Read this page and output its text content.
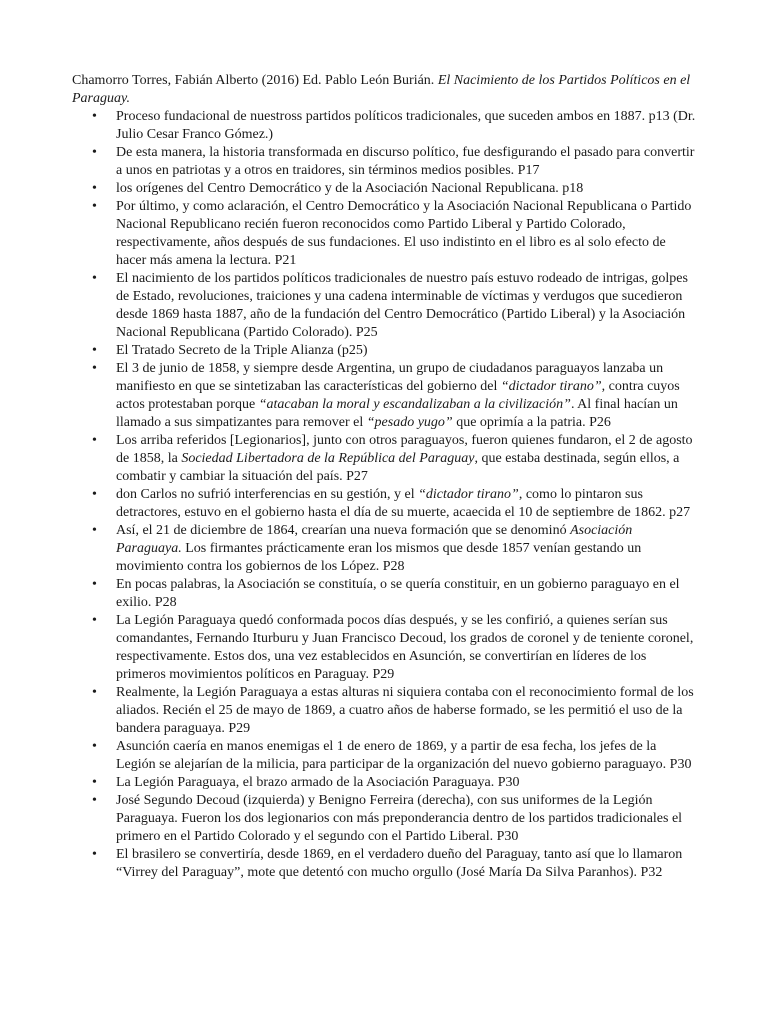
Chamorro Torres, Fabián Alberto (2016) Ed. Pablo León Burián. El Nacimiento de los Partidos Políticos en el Paraguay.

• Proceso fundacional de nuestross partidos políticos tradicionales, que suceden ambos en 1887. p13 (Dr. Julio Cesar Franco Gómez.)
• De esta manera, la historia transformada en discurso político, fue desfigurando el pasado para convertir a unos en patriotas y a otros en traidores, sin términos medios posibles. P17
• los orígenes del Centro Democrático y de la Asociación Nacional Republicana. p18
• Por último, y como aclaración, el Centro Democrático y la Asociación Nacional Republicana o Partido Nacional Republicano recién fueron reconocidos como Partido Liberal y Partido Colorado, respectivamente, años después de sus fundaciones. El uso indistinto en el libro es al solo efecto de hacer más amena la lectura. P21
• El nacimiento de los partidos políticos tradicionales de nuestro país estuvo rodeado de intrigas, golpes de Estado, revoluciones, traiciones y una cadena interminable de víctimas y verdugos que sucedieron desde 1869 hasta 1887, año de la fundación del Centro Democrático (Partido Liberal) y la Asociación Nacional Republicana (Partido Colorado). P25
• El Tratado Secreto de la Triple Alianza (p25)
• El 3 de junio de 1858, y siempre desde Argentina, un grupo de ciudadanos paraguayos lanzaba un manifiesto en que se sintetizaban las características del gobierno del “dictador tirano”, contra cuyos actos protestaban porque “atacaban la moral y escandalizaban a la civilización”. Al final hacían un llamado a sus simpatizantes para remover el “pesado yugo” que oprimía a la patria. P26
• Los arriba referidos [Legionarios], junto con otros paraguayos, fueron quienes fundaron, el 2 de agosto de 1858, la Sociedad Libertadora de la República del Paraguay, que estaba destinada, según ellos, a combatir y cambiar la situación del país. P27
• don Carlos no sufrió interferencias en su gestión, y el “dictador tirano”, como lo pintaron sus detractores, estuvo en el gobierno hasta el día de su muerte, acaecida el 10 de septiembre de 1862. p27
• Así, el 21 de diciembre de 1864, crearían una nueva formación que se denominó Asociación Paraguaya. Los firmantes prácticamente eran los mismos que desde 1857 venían gestando un movimiento contra los gobiernos de los López. P28
• En pocas palabras, la Asociación se constituía, o se quería constituir, en un gobierno paraguayo en el exilio. P28
• La Legión Paraguaya quedó conformada pocos días después, y se les confirió, a quienes serían sus comandantes, Fernando Iturburu y Juan Francisco Decoud, los grados de coronel y de teniente coronel, respectivamente. Estos dos, una vez establecidos en Asunción, se convertirían en líderes de los primeros movimientos políticos en Paraguay. P29
• Realmente, la Legión Paraguaya a estas alturas ni siquiera contaba con el reconocimiento formal de los aliados. Recién el 25 de mayo de 1869, a cuatro años de haberse formado, se les permitió el uso de la bandera paraguaya. P29
• Asunción caería en manos enemigas el 1 de enero de 1869, y a partir de esa fecha, los jefes de la Legión se alejarían de la milicia, para participar de la organización del nuevo gobierno paraguayo. P30
• La Legión Paraguaya, el brazo armado de la Asociación Paraguaya. P30
• José Segundo Decoud (izquierda) y Benigno Ferreira (derecha), con sus uniformes de la Legión Paraguaya. Fueron los dos legionarios con más preponderancia dentro de los partidos tradicionales el primero en el Partido Colorado y el segundo con el Partido Liberal. P30
• El brasilero se convertiría, desde 1869, en el verdadero dueño del Paraguay, tanto así que lo llamaron “Virrey del Paraguay”, mote que detentó con mucho orgullo (José María Da Silva Paranhos). P32
